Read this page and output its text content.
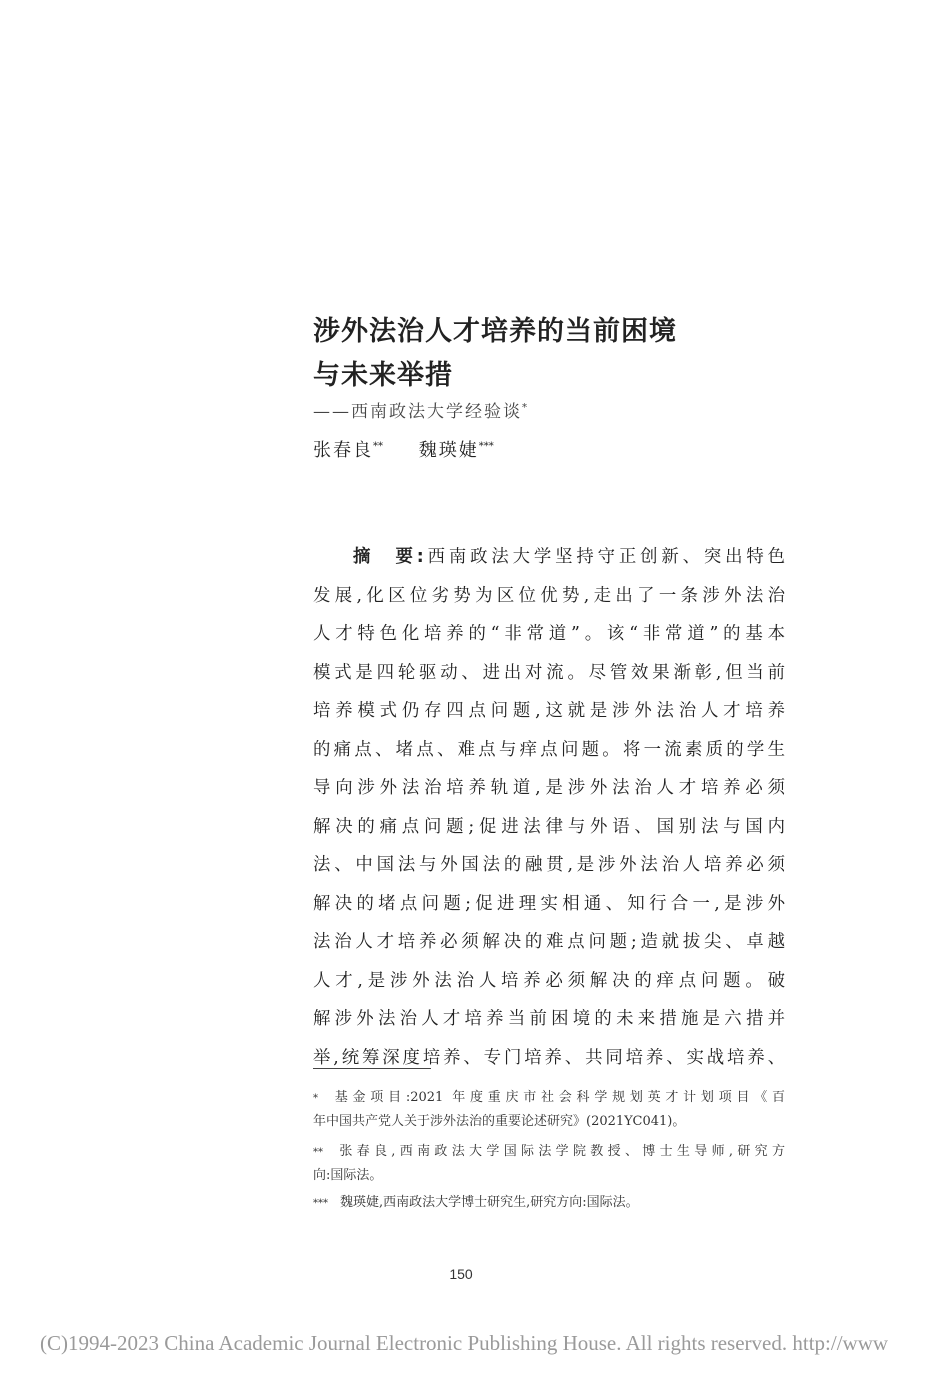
涉外法治人才培养的当前困境
与未来举措
——西南政法大学经验谈*
张春良** 魏瑛婕***
摘　要:西南政法大学坚持守正创新、突出特色
发展,化区位劣势为区位优势,走出了一条涉外法治
人才特色化培养的“非常道”。该“非常道”的基本
模式是四轮驱动、进出对流。尽管效果渐彰,但当前
培养模式仍存四点问题,这就是涉外法治人才培养
的痛点、堵点、难点与痒点问题。将一流素质的学生
导向涉外法治培养轨道,是涉外法治人才培养必须
解决的痛点问题;促进法律与外语、国别法与国内
法、中国法与外国法的融贯,是涉外法治人培养必须
解决的堵点问题;促进理实相通、知行合一,是涉外
法治人才培养必须解决的难点问题;造就拔尖、卓越
人才,是涉外法治人培养必须解决的痒点问题。破
解涉外法治人才培养当前困境的未来措施是六措并
举,统筹深度培养、专门培养、共同培养、实战培养、
* 基金项目:2021 年度重庆市社会科学规划英才计划项目《百
年中国共产党人关于涉外法治的重要论述研究》(2021YC041)。
** 张春良,西南政法大学国际法学院教授、博士生导师,研究方
向:国际法。
*** 魏瑛婕,西南政法大学博士研究生,研究方向:国际法。
150
(C)1994-2023 China Academic Journal Electronic Publishing House. All rights reserved. http://www
